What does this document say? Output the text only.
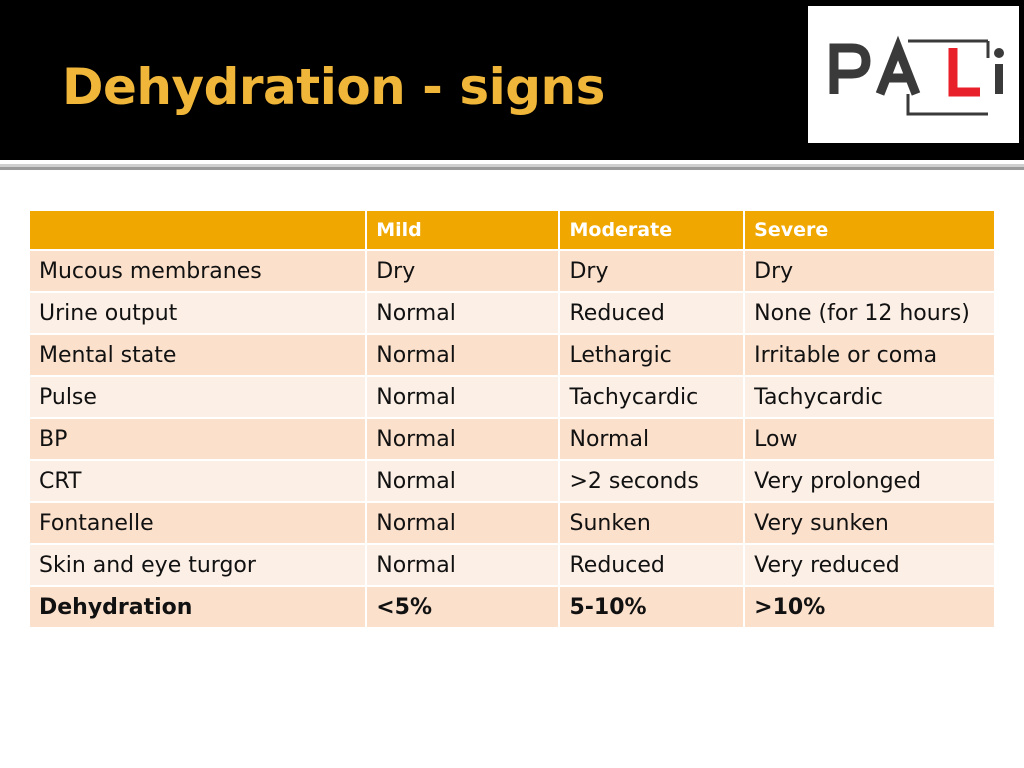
Dehydration - signs
	Mild	Moderate	Severe
Mucous membranes	Dry	Dry	Dry
Urine output	Normal	Reduced	None (for 12 hours)
Mental state	Normal	Lethargic	Irritable or coma
Pulse	Normal	Tachycardic	Tachycardic
BP	Normal	Normal	Low
CRT	Normal	>2 seconds	Very prolonged
Fontanelle	Normal	Sunken	Very sunken
Skin and eye turgor	Normal	Reduced	Very reduced
Dehydration	<5%	5-10%	>10%
